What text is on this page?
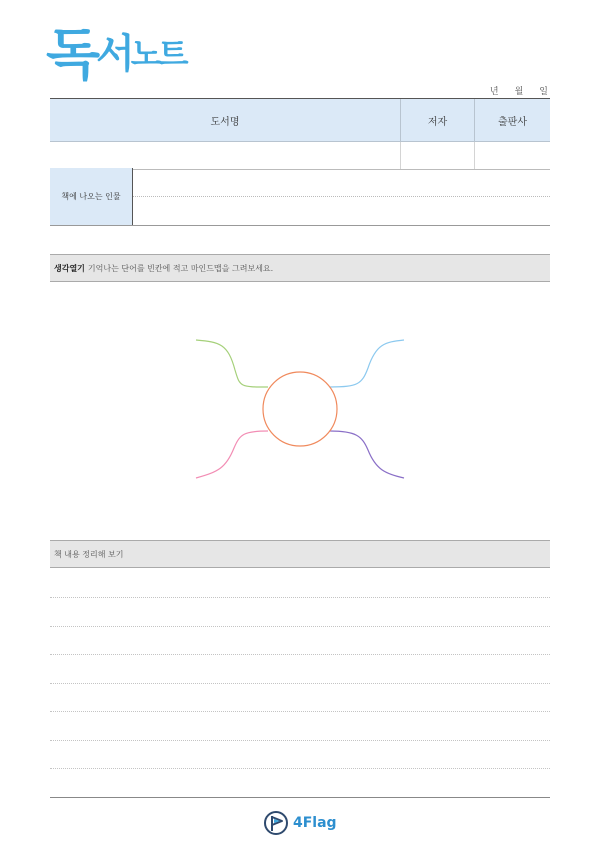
독 서 노 트
년 월 일
도서명	저자	출판사
책에 나오는 인물
생각열기 기억나는 단어를 빈칸에 적고 마인드맵을 그려보세요.
책 내용 정리해 보기
4Flag
